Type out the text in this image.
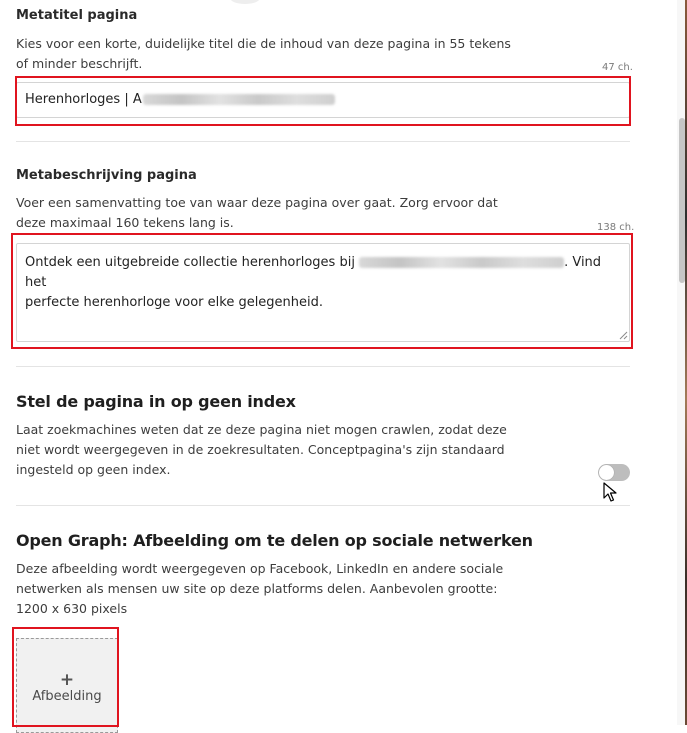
Metatitel pagina
Kies voor een korte, duidelijke titel die de inhoud van deze pagina in 55 tekens of minder beschrijft.	47 ch.
Herenhorloges | A
Metabeschrijving pagina
Voer een samenvatting toe van waar deze pagina over gaat. Zorg ervoor dat deze maximaal 160 tekens lang is.	138 ch.
Ontdek een uitgebreide collectie herenhorloges bij	. Vind het
perfecte herenhorloge voor elke gelegenheid.
Stel de pagina in op geen index
Laat zoekmachines weten dat ze deze pagina niet mogen crawlen, zodat deze niet wordt weergegeven in de zoekresultaten. Conceptpagina's zijn standaard ingesteld op geen index.
Open Graph: Afbeelding om te delen op sociale netwerken
Deze afbeelding wordt weergegeven op Facebook, LinkedIn en andere sociale netwerken als mensen uw site op deze platforms delen. Aanbevolen grootte: 1200 x 630 pixels
+
Afbeelding
